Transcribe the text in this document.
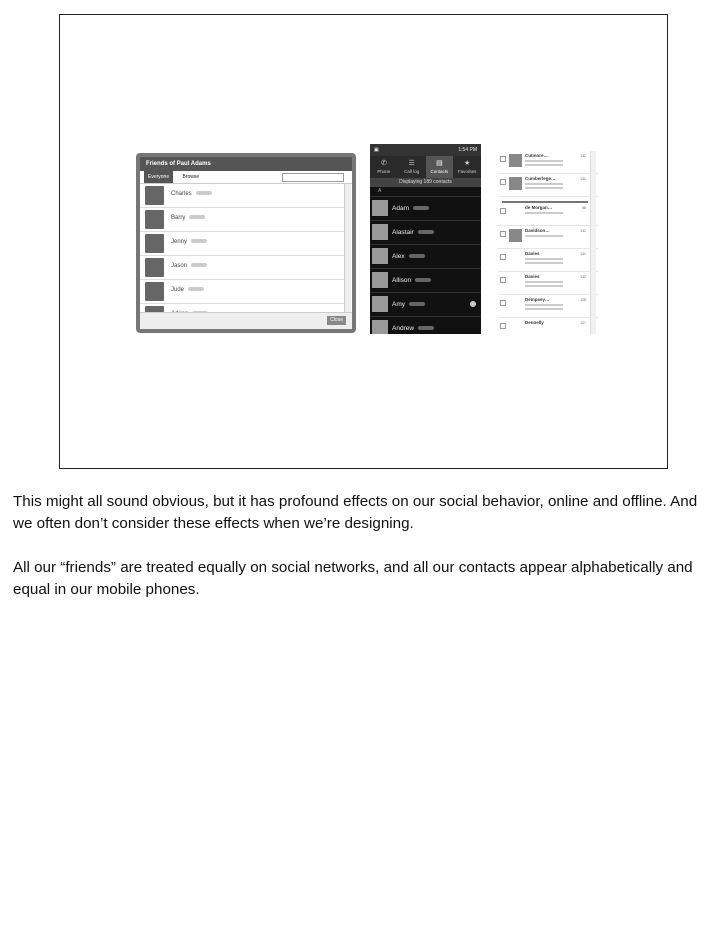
Friends of Paul Adams
Everyone	Browse
Charles
Barry
Jenny
Jason
Jude
Close
▣	1:54 PM
✆
Phone
☰
Call log
▤
Contacts
★
Favorites
Displaying 189 contacts
A
Adam
Alastair
Alex
Allison
Amy
Andrew
Cutmore…	132
Cumberlege…	132
de Morgan…	58
Davidson…	132
Davies	131
Davies	132
Dempsey…	126
Dennelly	127

This might all sound obvious, but it has profound effects on our social behavior, online and offline. And we often don’t consider these effects when we’re designing.

All our “friends” are treated equally on social networks, and all our contacts appear alphabetically and equal in our mobile phones.
